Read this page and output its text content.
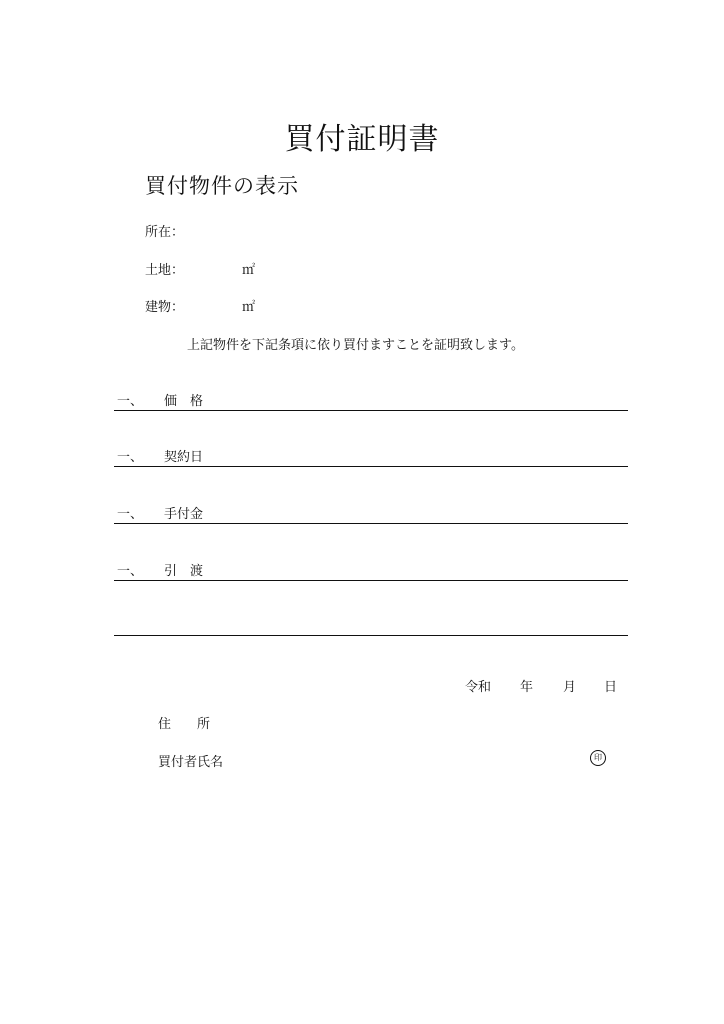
買付証明書
買付物件の表示
所在：
土地：	㎡
建物：	㎡
上記物件を下記条項に依り買付ますことを証明致します。
一、 価　格
一、 契約日
一、 手付金
一、 引　渡
令和 年 月 日
住　　所
買付者氏名	印
